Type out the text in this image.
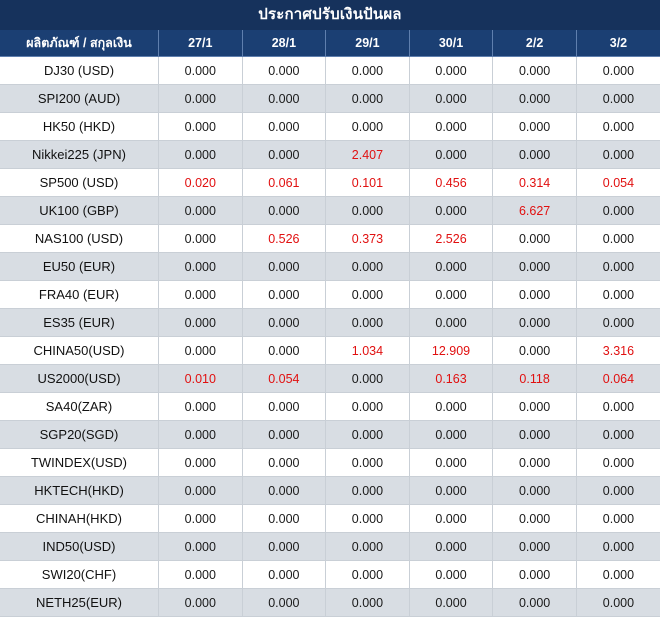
ประกาศปรับเงินปันผล
ผลิตภัณฑ์ / สกุลเงิน	27/1	28/1	29/1	30/1	2/2	3/2
DJ30 (USD)	0.000	0.000	0.000	0.000	0.000	0.000
SPI200 (AUD)	0.000	0.000	0.000	0.000	0.000	0.000
HK50 (HKD)	0.000	0.000	0.000	0.000	0.000	0.000
Nikkei225 (JPN)	0.000	0.000	2.407	0.000	0.000	0.000
SP500 (USD)	0.020	0.061	0.101	0.456	0.314	0.054
UK100 (GBP)	0.000	0.000	0.000	0.000	6.627	0.000
NAS100 (USD)	0.000	0.526	0.373	2.526	0.000	0.000
EU50 (EUR)	0.000	0.000	0.000	0.000	0.000	0.000
FRA40 (EUR)	0.000	0.000	0.000	0.000	0.000	0.000
ES35 (EUR)	0.000	0.000	0.000	0.000	0.000	0.000
CHINA50(USD)	0.000	0.000	1.034	12.909	0.000	3.316
US2000(USD)	0.010	0.054	0.000	0.163	0.118	0.064
SA40(ZAR)	0.000	0.000	0.000	0.000	0.000	0.000
SGP20(SGD)	0.000	0.000	0.000	0.000	0.000	0.000
TWINDEX(USD)	0.000	0.000	0.000	0.000	0.000	0.000
HKTECH(HKD)	0.000	0.000	0.000	0.000	0.000	0.000
CHINAH(HKD)	0.000	0.000	0.000	0.000	0.000	0.000
IND50(USD)	0.000	0.000	0.000	0.000	0.000	0.000
SWI20(CHF)	0.000	0.000	0.000	0.000	0.000	0.000
NETH25(EUR)	0.000	0.000	0.000	0.000	0.000	0.000
